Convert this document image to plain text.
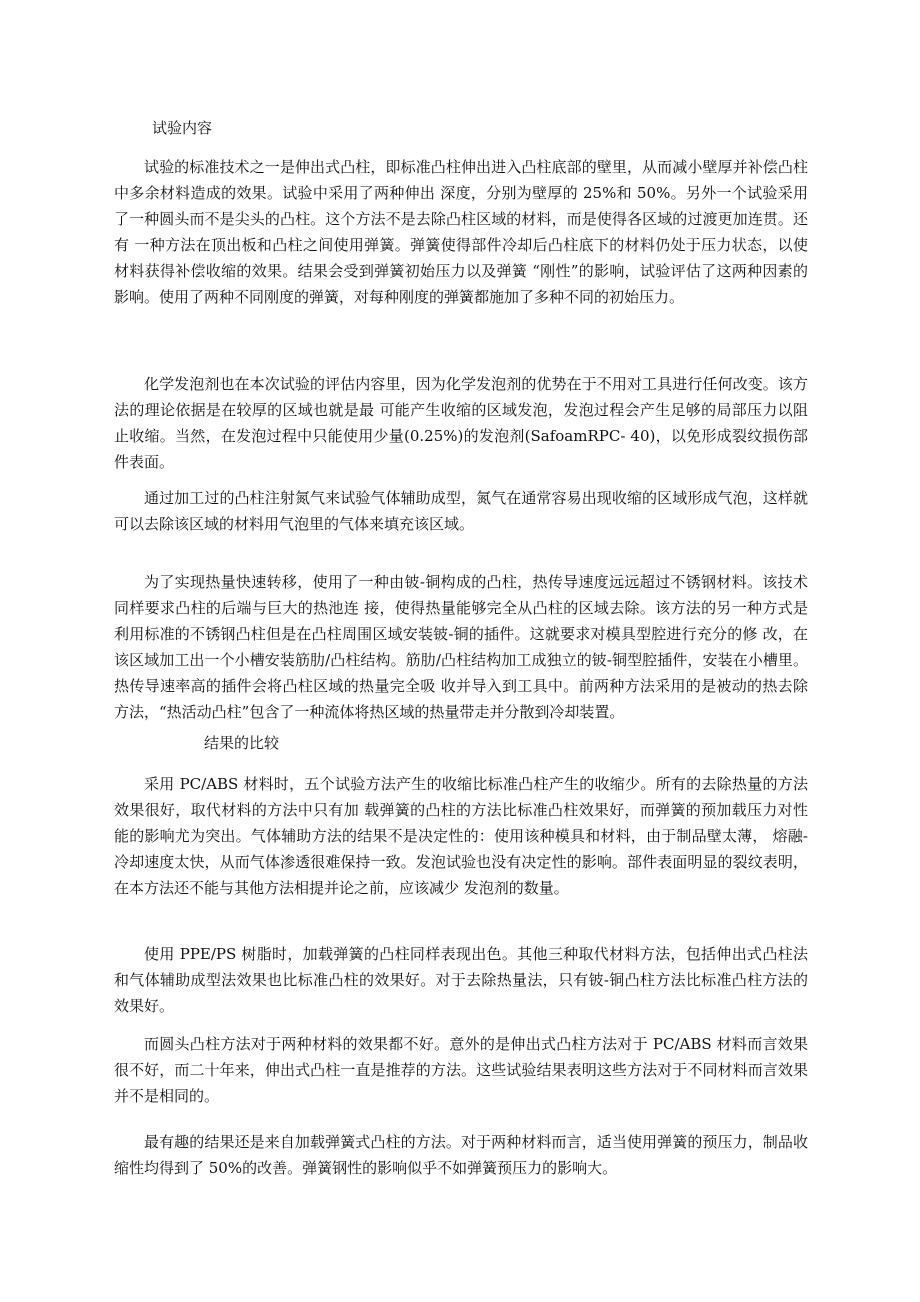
试验内容

试验的标准技术之一是伸出式凸柱，即标准凸柱伸出进入凸柱底部的壁里，从而减小壁厚并补偿凸柱中多余材料造成的效果。试验中采用了两种伸出 深度，分别为壁厚的 25%和 50%。另外一个试验采用了一种圆头而不是尖头的凸柱。这个方法不是去除凸柱区域的材料，而是使得各区域的过渡更加连贯。还有 一种方法在顶出板和凸柱之间使用弹簧。弹簧使得部件冷却后凸柱底下的材料仍处于压力状态，以使材料获得补偿收缩的效果。结果会受到弹簧初始压力以及弹簧 “刚性”的影响，试验评估了这两种因素的影响。使用了两种不同刚度的弹簧，对每种刚度的弹簧都施加了多种不同的初始压力。

化学发泡剂也在本次试验的评估内容里，因为化学发泡剂的优势在于不用对工具进行任何改变。该方法的理论依据是在较厚的区域也就是最 可能产生收缩的区域发泡，发泡过程会产生足够的局部压力以阻止收缩。当然，在发泡过程中只能使用少量(0.25%)的发泡剂(SafoamRPC- 40)，以免形成裂纹损伤部件表面。

通过加工过的凸柱注射氮气来试验气体辅助成型，氮气在通常容易出现收缩的区域形成气泡，这样就可以去除该区域的材料用气泡里的气体来填充该区域。

为了实现热量快速转移，使用了一种由铍-铜构成的凸柱，热传导速度远远超过不锈钢材料。该技术同样要求凸柱的后端与巨大的热池连 接，使得热量能够完全从凸柱的区域去除。该方法的另一种方式是利用标准的不锈钢凸柱但是在凸柱周围区域安装铍-铜的插件。这就要求对模具型腔进行充分的修 改，在该区域加工出一个小槽安装筋肋/凸柱结构。筋肋/凸柱结构加工成独立的铍-铜型腔插件，安装在小槽里。热传导速率高的插件会将凸柱区域的热量完全吸 收并导入到工具中。前两种方法采用的是被动的热去除方法，“热活动凸柱”包含了一种流体将热区域的热量带走并分散到冷却装置。

结果的比较

采用 PC/ABS 材料时，五个试验方法产生的收缩比标准凸柱产生的收缩少。所有的去除热量的方法效果很好，取代材料的方法中只有加 载弹簧的凸柱的方法比标准凸柱效果好，而弹簧的预加载压力对性能的影响尤为突出。气体辅助方法的结果不是决定性的：使用该种模具和材料，由于制品壁太薄， 熔融-冷却速度太快，从而气体渗透很难保持一致。发泡试验也没有决定性的影响。部件表面明显的裂纹表明，在本方法还不能与其他方法相提并论之前，应该减少 发泡剂的数量。

使用 PPE/PS 树脂时，加载弹簧的凸柱同样表现出色。其他三种取代材料方法，包括伸出式凸柱法和气体辅助成型法效果也比标准凸柱的效果好。对于去除热量法，只有铍-铜凸柱方法比标准凸柱方法的效果好。

而圆头凸柱方法对于两种材料的效果都不好。意外的是伸出式凸柱方法对于 PC/ABS 材料而言效果很不好，而二十年来，伸出式凸柱一直是推荐的方法。这些试验结果表明这些方法对于不同材料而言效果并不是相同的。

最有趣的结果还是来自加载弹簧式凸柱的方法。对于两种材料而言，适当使用弹簧的预压力，制品收缩性均得到了 50%的改善。弹簧钢性的影响似乎不如弹簧预压力的影响大。
